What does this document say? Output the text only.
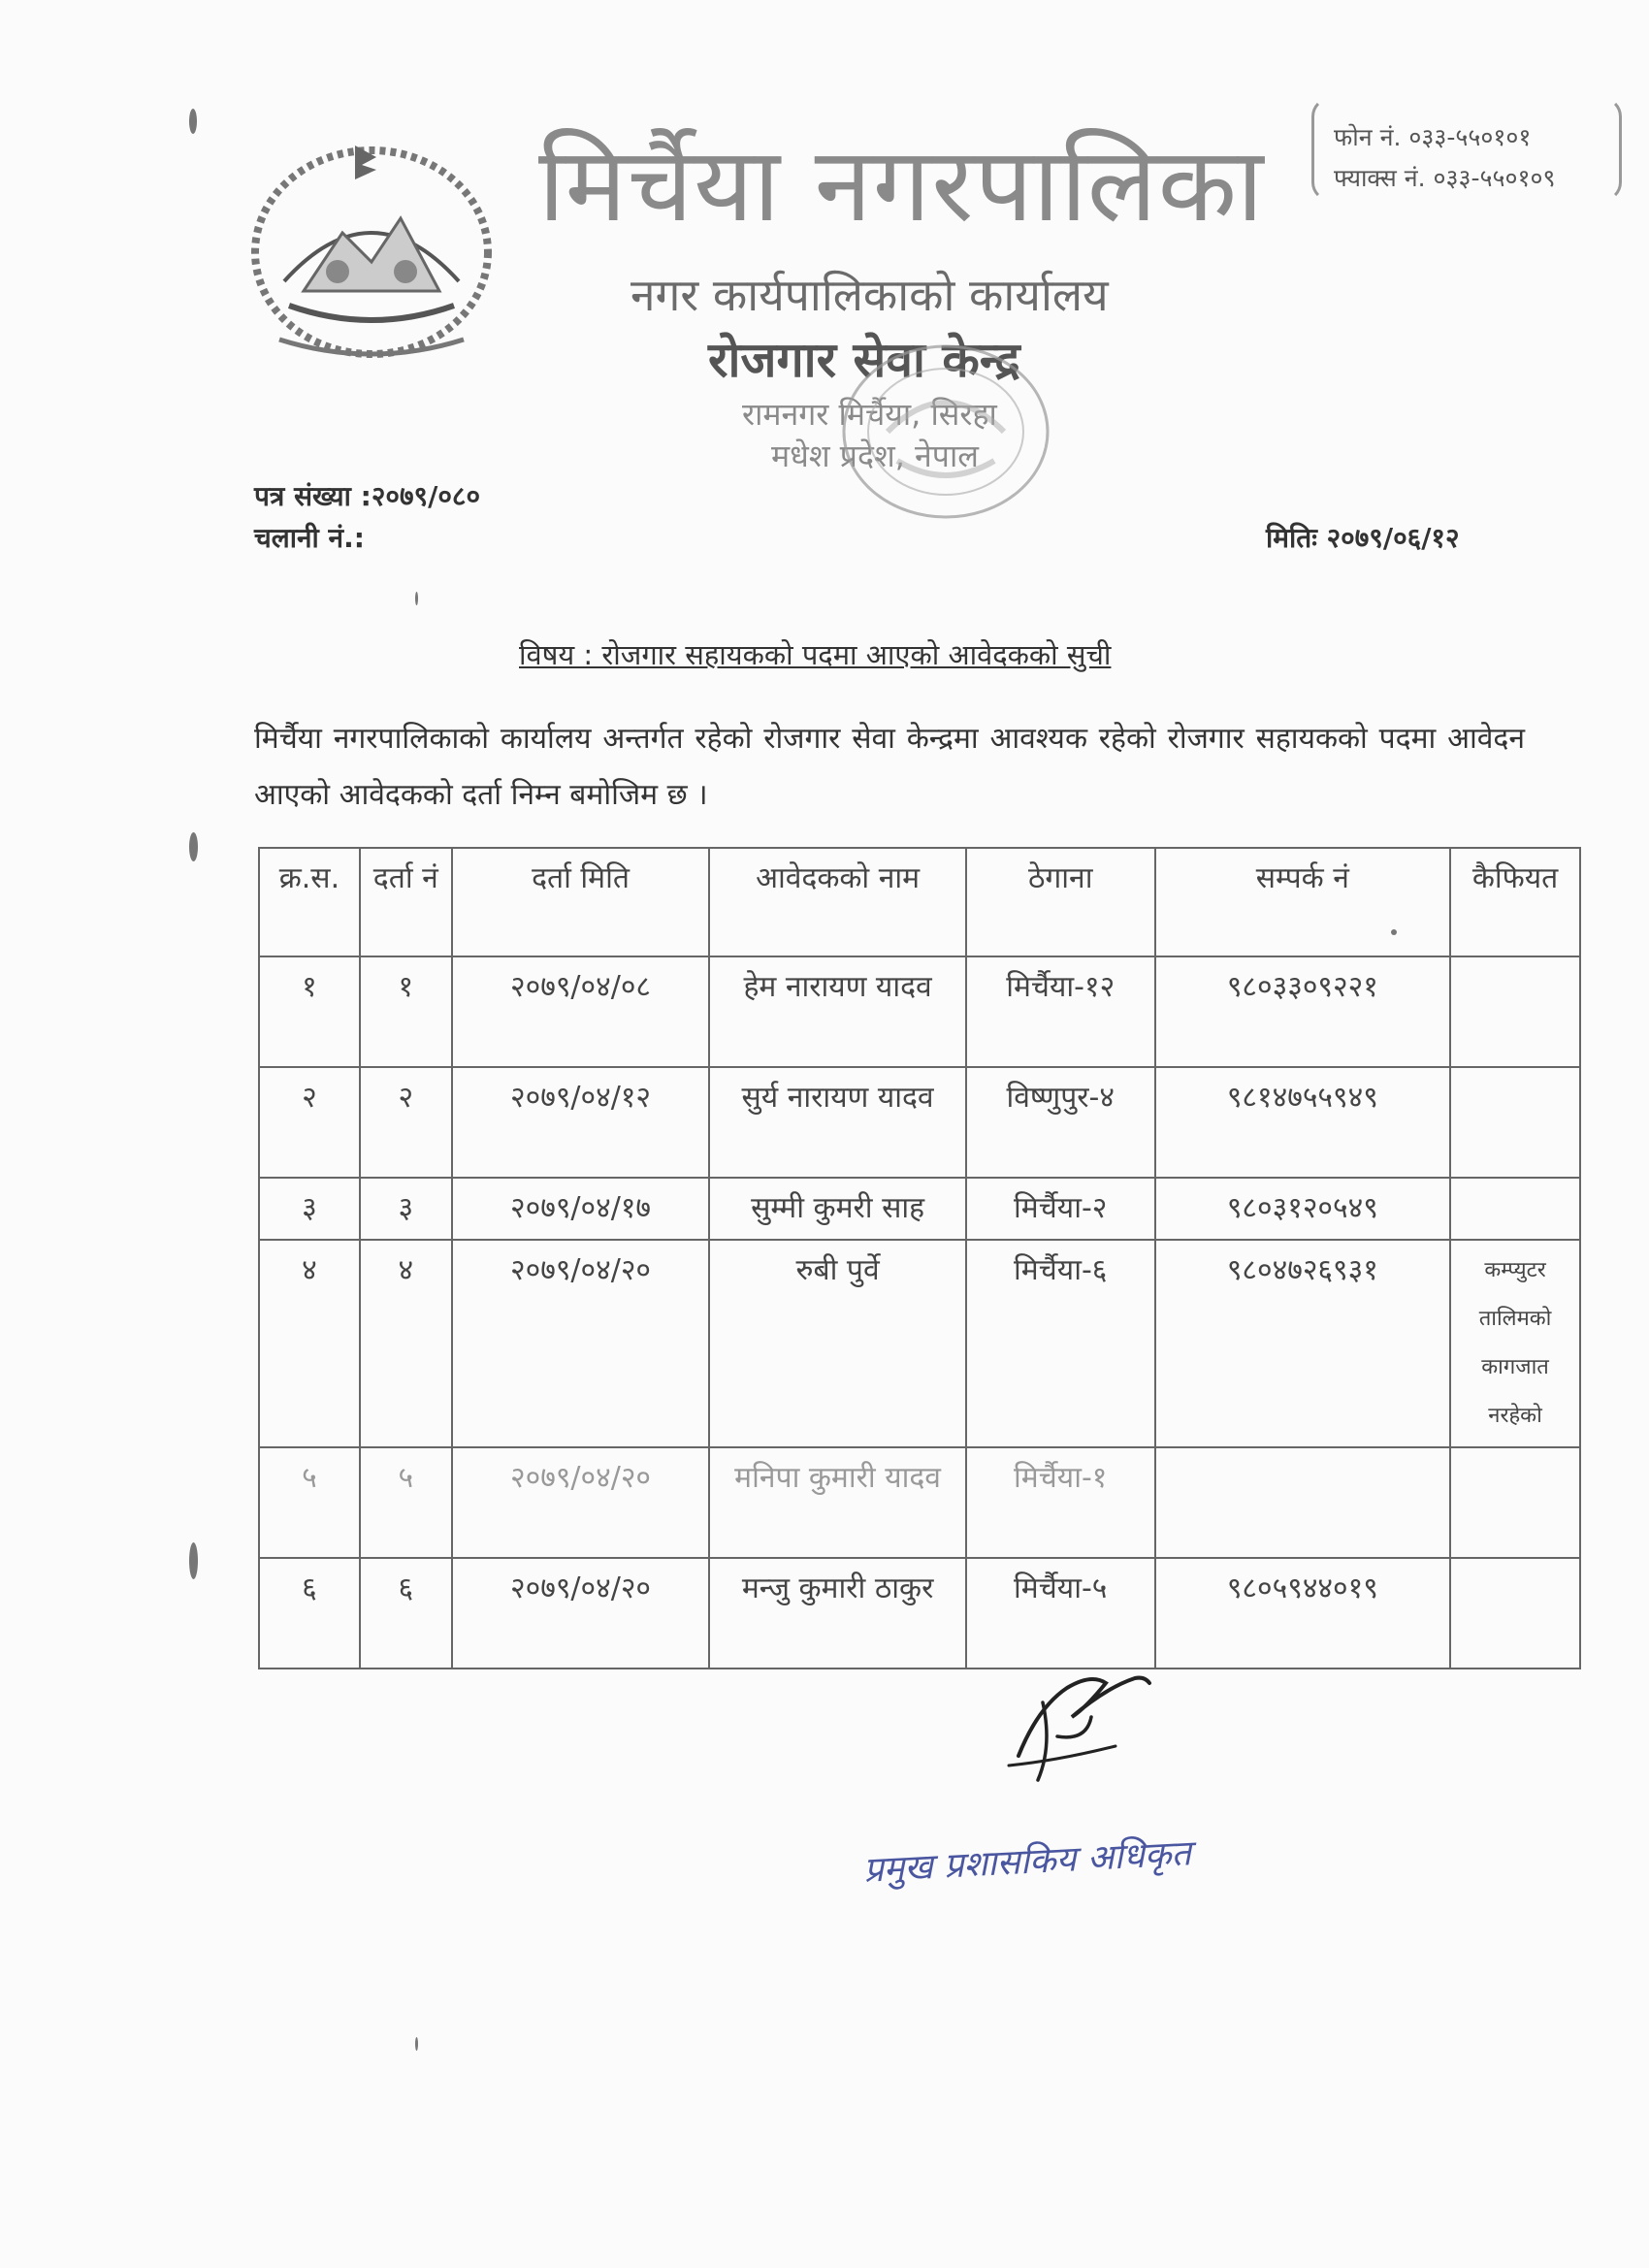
मिर्चैया नगरपालिका
नगर कार्यपालिकाको कार्यालय
रोजगार सेवा केन्द्र
रामनगर मिर्चैया, सिरहा
मधेश प्रदेश, नेपाल
फोन नं. ०३३-५५०१०१
फ्याक्स नं. ०३३-५५०१०९
पत्र संख्या :२०७९/०८०
चलानी नं.:	मितिः २०७९/०६/१२
विषय : रोजगार सहायकको पदमा आएको आवेदकको सुची
मिर्चैया नगरपालिकाको कार्यालय अन्तर्गत रहेको रोजगार सेवा केन्द्रमा आवश्यक रहेको रोजगार सहायकको पदमा आवेदन आएको आवेदकको दर्ता निम्न बमोजिम छ ।
क्र.स.	दर्ता नं	दर्ता मिति	आवेदकको नाम	ठेगाना	सम्पर्क नं	कैफियत
१	१	२०७९/०४/०८	हेम नारायण यादव	मिर्चैया-१२	९८०३३०९२२१	
२	२	२०७९/०४/१२	सुर्य नारायण यादव	विष्णुपुर-४	९८१४७५५९४९	
३	३	२०७९/०४/१७	सुम्मी कुमरी साह	मिर्चैया-२	९८०३१२०५४९	
४	४	२०७९/०४/२०	रुबी पुर्वे	मिर्चैया-६	९८०४७२६९३१	कम्प्युटर तालिमको कागजात नरहेको
५	५	२०७९/०४/२०	मनिपा कुमारी यादव	मिर्चैया-१		
६	६	२०७९/०४/२०	मन्जु कुमारी ठाकुर	मिर्चैया-५	९८०५९४४०१९	
प्रमुख प्रशासकिय अधिकृत
